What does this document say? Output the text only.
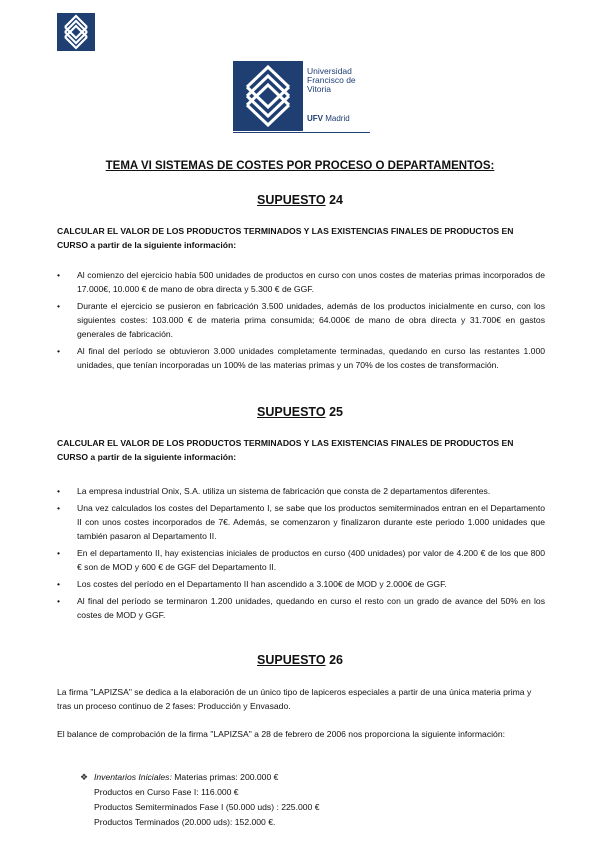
Universidad
Francisco de
Vitoria
UFV Madrid
TEMA VI SISTEMAS DE COSTES POR PROCESO O DEPARTAMENTOS:
SUPUESTO 24
CALCULAR EL VALOR DE LOS PRODUCTOS TERMINADOS Y LAS EXISTENCIAS FINALES DE PRODUCTOS EN
CURSO a partir de la siguiente información:
• Al comienzo del ejercicio había 500 unidades de productos en curso con unos costes de materias primas incorporados de 17.000€, 10.000 € de mano de obra directa y 5.300 € de GGF.
• Durante el ejercicio se pusieron en fabricación 3.500 unidades, además de los productos inicialmente en curso, con los siguientes costes: 103.000 € de materia prima consumida; 64.000€ de mano de obra directa y 31.700€ en gastos generales de fabricación.
• Al final del período se obtuvieron 3.000 unidades completamente terminadas, quedando en curso las restantes 1.000 unidades, que tenían incorporadas un 100% de las materias primas y un 70% de los costes de transformación.
SUPUESTO 25
CALCULAR EL VALOR DE LOS PRODUCTOS TERMINADOS Y LAS EXISTENCIAS FINALES DE PRODUCTOS EN
CURSO a partir de la siguiente información:
• La empresa industrial Onix, S.A. utiliza un sistema de fabricación que consta de 2 departamentos diferentes.
• Una vez calculados los costes del Departamento I, se sabe que los productos semiterminados entran en el Departamento II con unos costes incorporados de 7€. Además, se comenzaron y finalizaron durante este periodo 1.000 unidades que también pasaron al Departamento II.
• En el departamento II, hay existencias iniciales de productos en curso (400 unidades) por valor de 4.200 € de los que 800 € son de MOD y 600 € de GGF del Departamento II.
• Los costes del período en el Departamento II han ascendido a 3.100€ de MOD y 2.000€ de GGF.
• Al final del período se terminaron 1.200 unidades, quedando en curso el resto con un grado de avance del 50% en los costes de MOD y GGF.
SUPUESTO 26
La firma "LAPIZSA" se dedica a la elaboración de un único tipo de lapiceros especiales a partir de una única materia prima y tras un proceso continuo de 2 fases: Producción y Envasado.
El balance de comprobación de la firma "LAPIZSA" a 28 de febrero de 2006 nos proporciona la siguiente información:
❖ Inventarios Iniciales: Materias primas: 200.000 €
Productos en Curso Fase I: 116.000 €
Productos Semiterminados Fase I (50.000 uds) : 225.000 €
Productos Terminados (20.000 uds): 152.000 €.
